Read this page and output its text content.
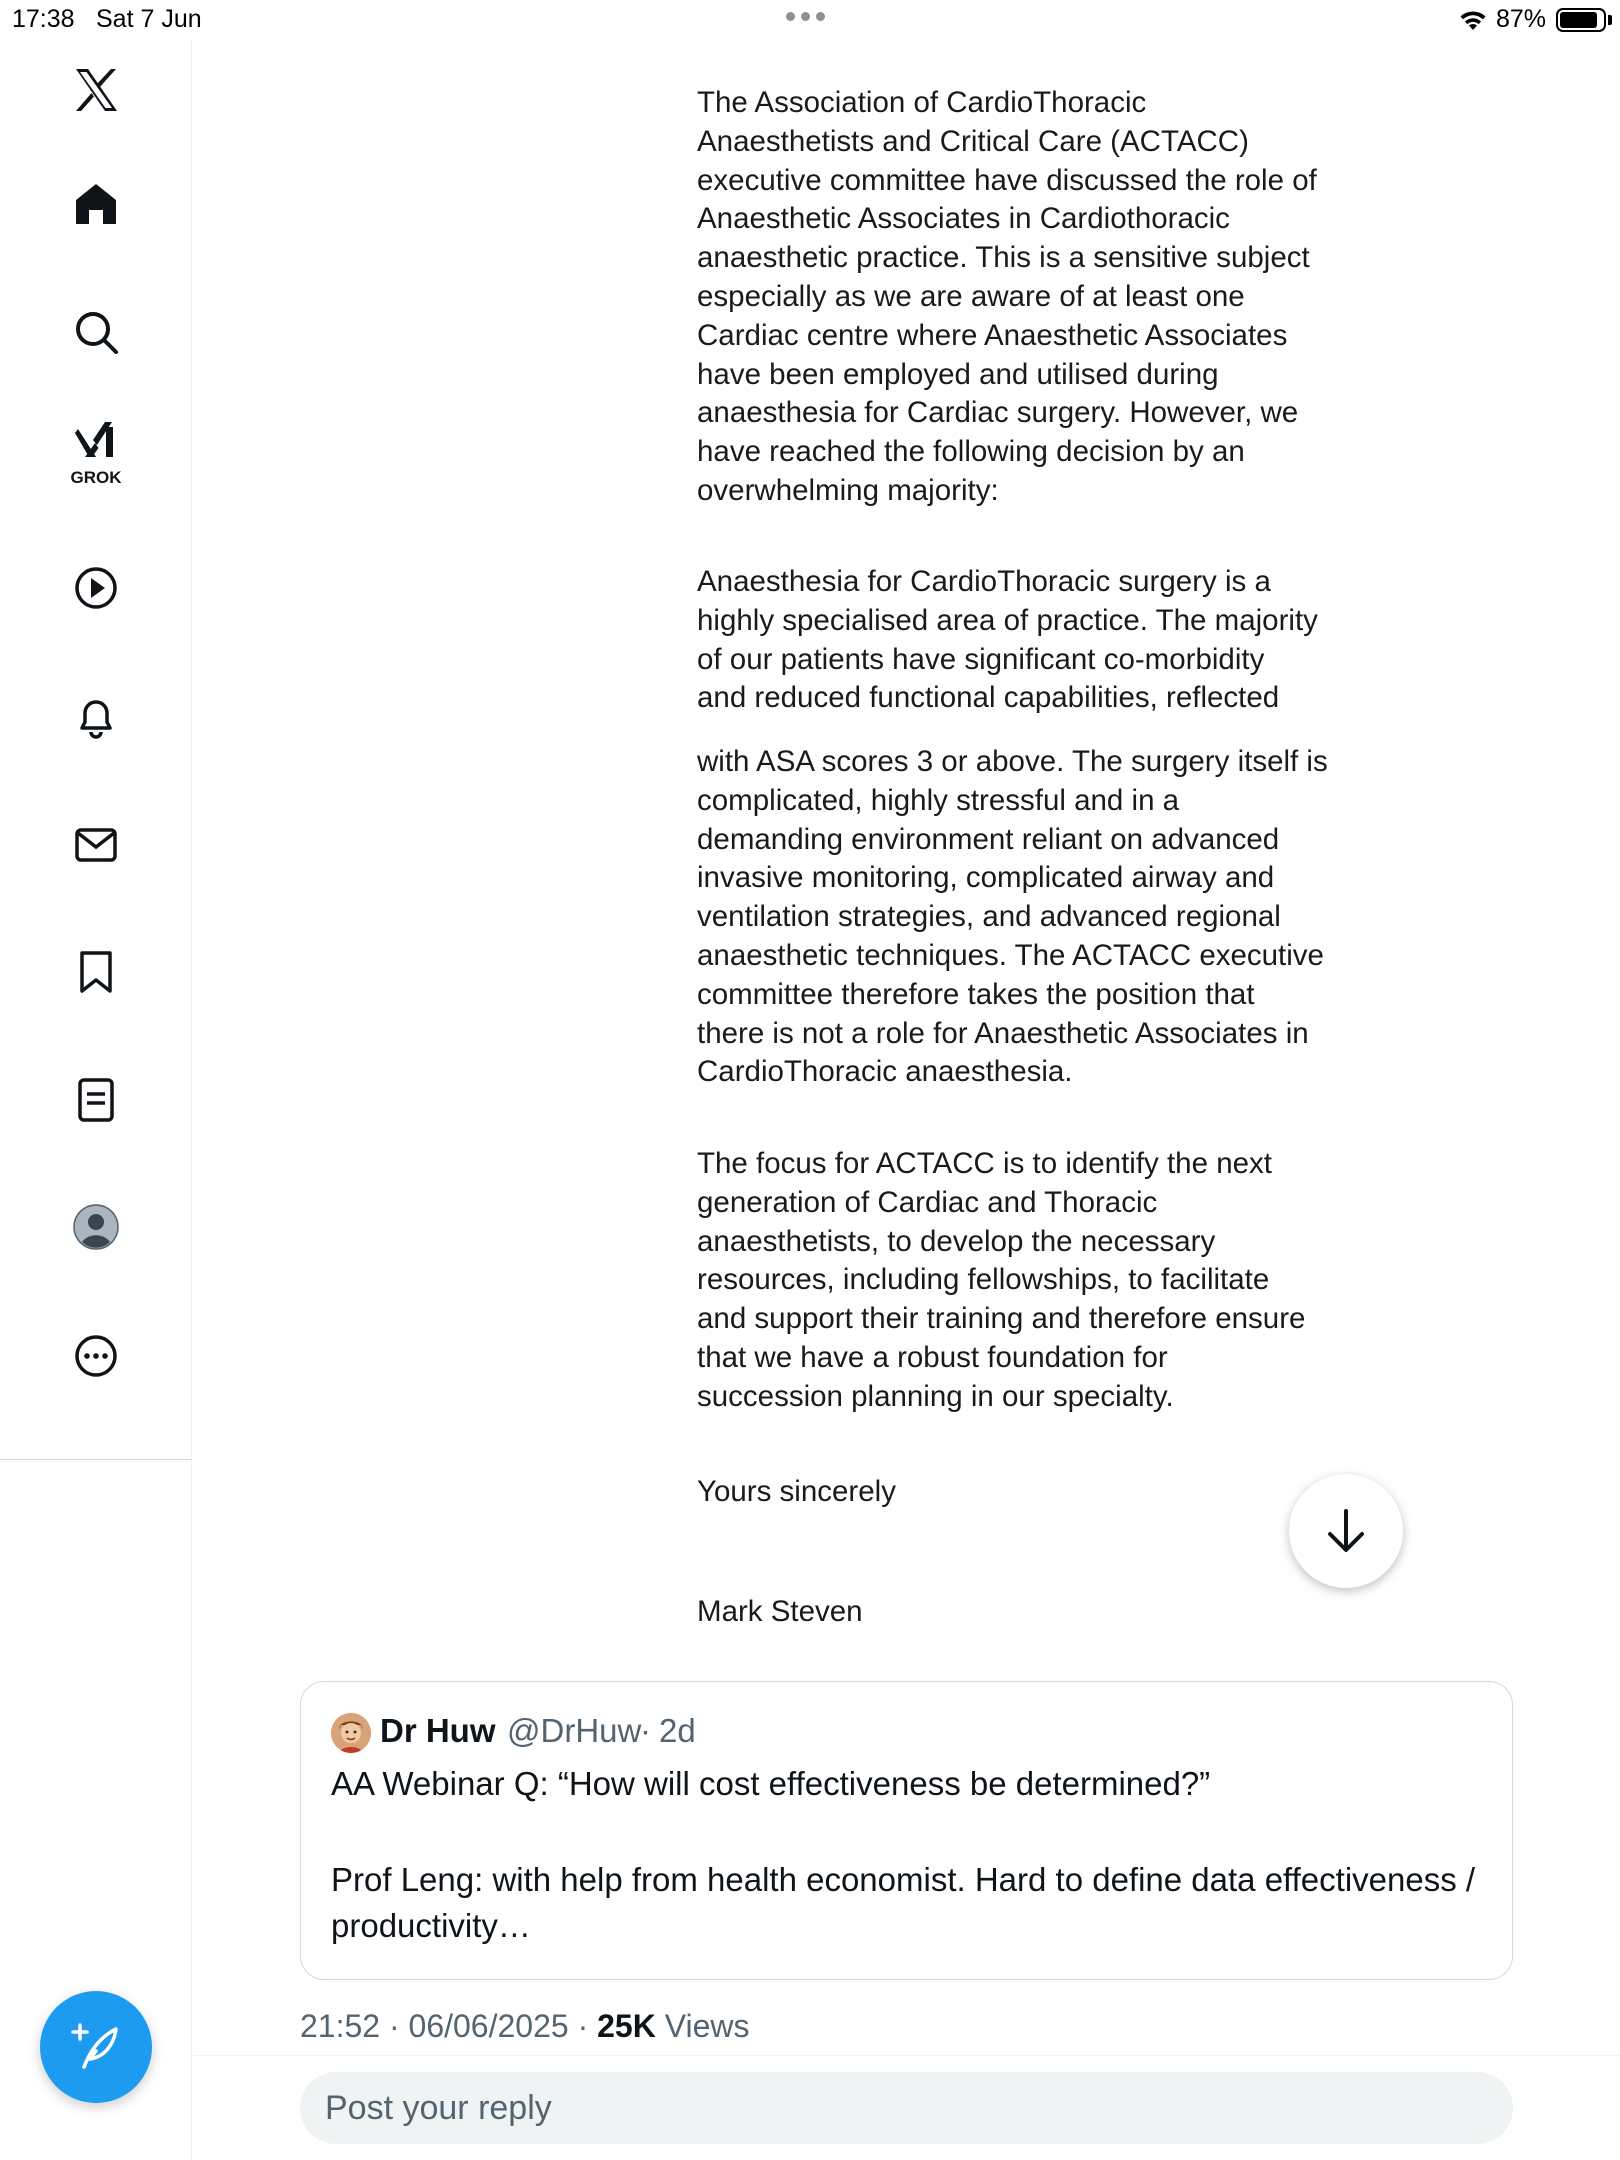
17:38 Sat 7 Jun	87%
GROK

The Association of CardioThoracic
Anaesthetists and Critical Care (ACTACC)
executive committee have discussed the role of
Anaesthetic Associates in Cardiothoracic
anaesthetic practice. This is a sensitive subject
especially as we are aware of at least one
Cardiac centre where Anaesthetic Associates
have been employed and utilised during
anaesthesia for Cardiac surgery. However, we
have reached the following decision by an
overwhelming majority:

Anaesthesia for CardioThoracic surgery is a
highly specialised area of practice. The majority
of our patients have significant co-morbidity
and reduced functional capabilities, reflected

with ASA scores 3 or above. The surgery itself is
complicated, highly stressful and in a
demanding environment reliant on advanced
invasive monitoring, complicated airway and
ventilation strategies, and advanced regional
anaesthetic techniques. The ACTACC executive
committee therefore takes the position that
there is not a role for Anaesthetic Associates in
CardioThoracic anaesthesia.

The focus for ACTACC is to identify the next
generation of Cardiac and Thoracic
anaesthetists, to develop the necessary
resources, including fellowships, to facilitate
and support their training and therefore ensure
that we have a robust foundation for
succession planning in our specialty.

Yours sincerely

Mark Steven

Dr Huw @DrHuw
· 2d
AA Webinar Q: “How will cost effectiveness be determined?”
Prof Leng: with help from health economist. Hard to define data effectiveness / productivity…
21:52 · 06/06/2025 · 25K Views
Post your reply
